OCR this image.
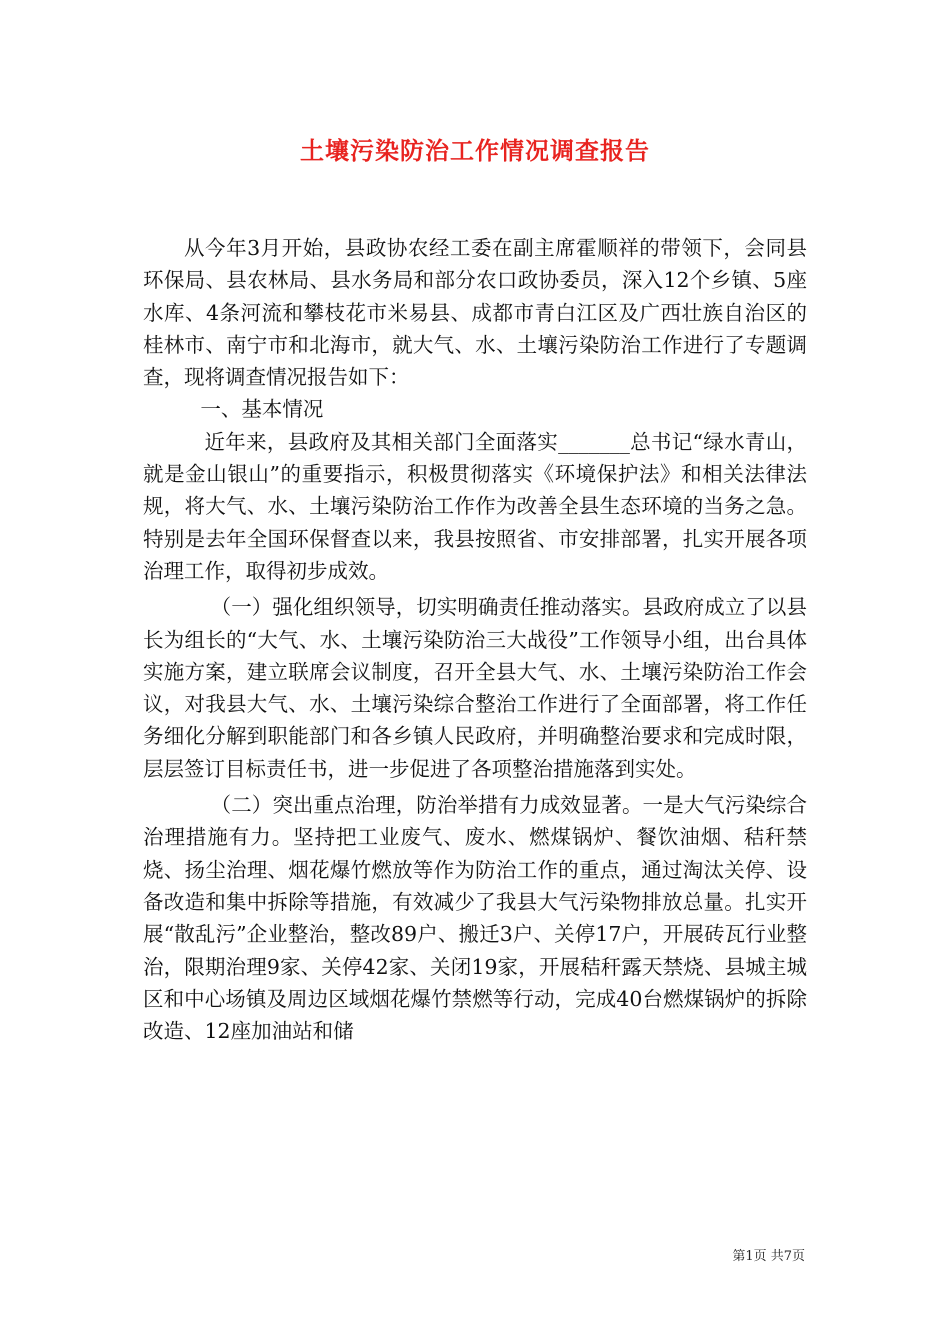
土壤污染防治工作情况调查报告

从今年3月开始，县政协农经工委在副主席霍顺祥的带领下，会同县环保局、县农林局、县水务局和部分农口政协委员，深入12个乡镇、5座水库、4条河流和攀枝花市米易县、成都市青白江区及广西壮族自治区的桂林市、南宁市和北海市，就大气、水、土壤污染防治工作进行了专题调查，现将调查情况报告如下：

一、基本情况

近年来，县政府及其相关部门全面落实_______总书记“绿水青山，就是金山银山”的重要指示，积极贯彻落实《环境保护法》和相关法律法规，将大气、水、土壤污染防治工作作为改善全县生态环境的当务之急。特别是去年全国环保督查以来，我县按照省、市安排部署，扎实开展各项治理工作，取得初步成效。

（一）强化组织领导，切实明确责任推动落实。县政府成立了以县长为组长的“大气、水、土壤污染防治三大战役”工作领导小组，出台具体实施方案，建立联席会议制度，召开全县大气、水、土壤污染防治工作会议，对我县大气、水、土壤污染综合整治工作进行了全面部署，将工作任务细化分解到职能部门和各乡镇人民政府，并明确整治要求和完成时限，层层签订目标责任书，进一步促进了各项整治措施落到实处。

（二）突出重点治理，防治举措有力成效显著。一是大气污染综合治理措施有力。坚持把工业废气、废水、燃煤锅炉、餐饮油烟、秸秆禁烧、扬尘治理、烟花爆竹燃放等作为防治工作的重点，通过淘汰关停、设备改造和集中拆除等措施，有效减少了我县大气污染物排放总量。扎实开展“散乱污”企业整治，整改89户、搬迁3户、关停17户，开展砖瓦行业整治，限期治理9家、关停42家、关闭19家，开展秸秆露天禁烧、县城主城区和中心场镇及周边区域烟花爆竹禁燃等行动，完成40台燃煤锅炉的拆除改造、12座加油站和储

第1页 共7页
